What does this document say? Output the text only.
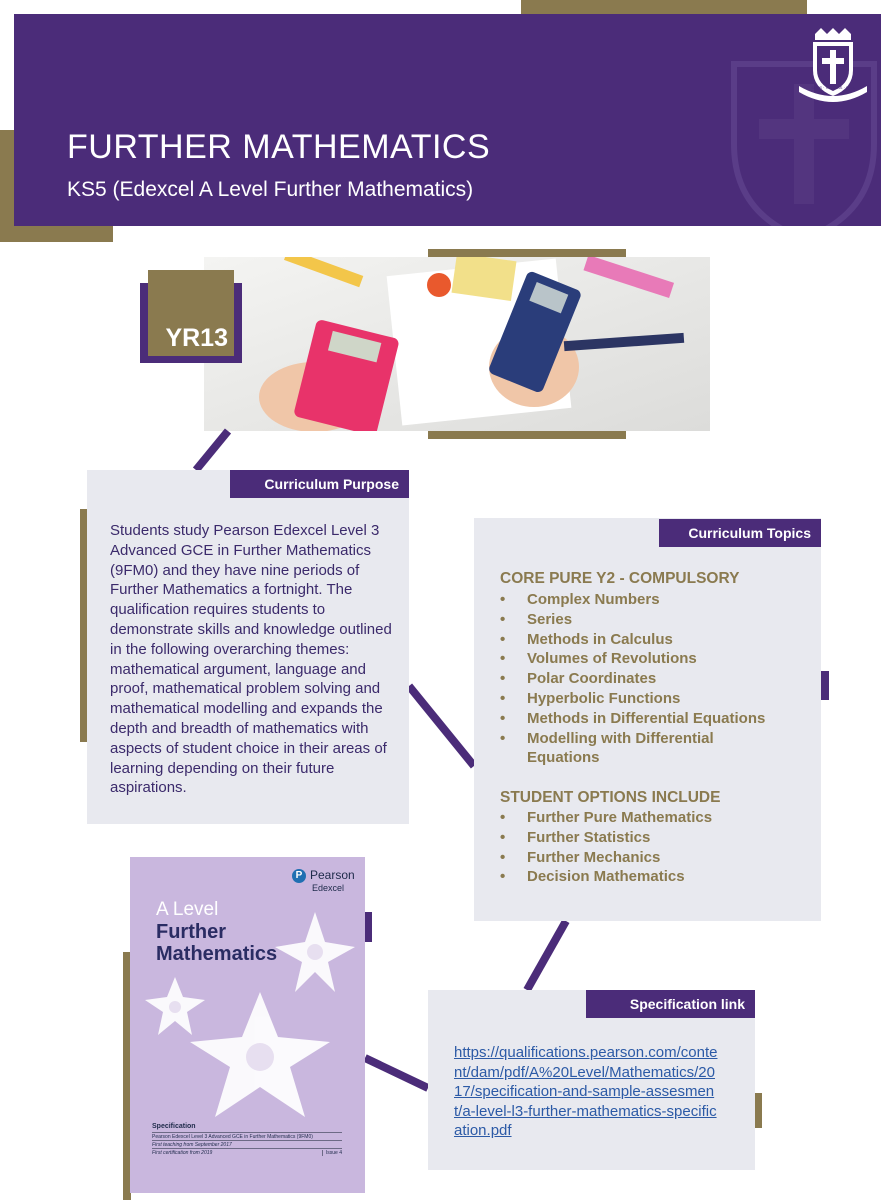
FURTHER MATHEMATICS
KS5 (Edexcel A Level Further Mathematics)
SPES · VERITAS · VITA
YR13
Curriculum Purpose

Students study Pearson Edexcel Level 3 Advanced GCE in Further Mathematics (9FM0) and they have nine periods of Further Mathematics a fortnight. The qualification requires students to demonstrate skills and knowledge outlined in the following overarching themes: mathematical argument, language and proof, mathematical problem solving and mathematical modelling and expands the depth and breadth of mathematics with aspects of student choice in their areas of learning depending on their future aspirations.

Curriculum Topics
CORE PURE Y2 - COMPULSORY
• Complex Numbers
• Series
• Methods in Calculus
• Volumes of Revolutions
• Polar Coordinates
• Hyperbolic Functions
• Methods in Differential Equations
• Modelling with Differential Equations
STUDENT OPTIONS INCLUDE
• Further Pure Mathematics
• Further Statistics
• Further Mechanics
• Decision Mathematics
Specification link
https://qualifications.pearson.com/content/dam/pdf/A%20Level/Mathematics/2017/specification-and-sample-assesment/a-level-l3-further-mathematics-specification.pdf
P Pearson
Edexcel
A Level
Further
Mathematics
Specification
Pearson Edexcel Level 3 Advanced GCE in Further Mathematics (9FM0)
First teaching from September 2017
First certification from 2019	Issue 4
